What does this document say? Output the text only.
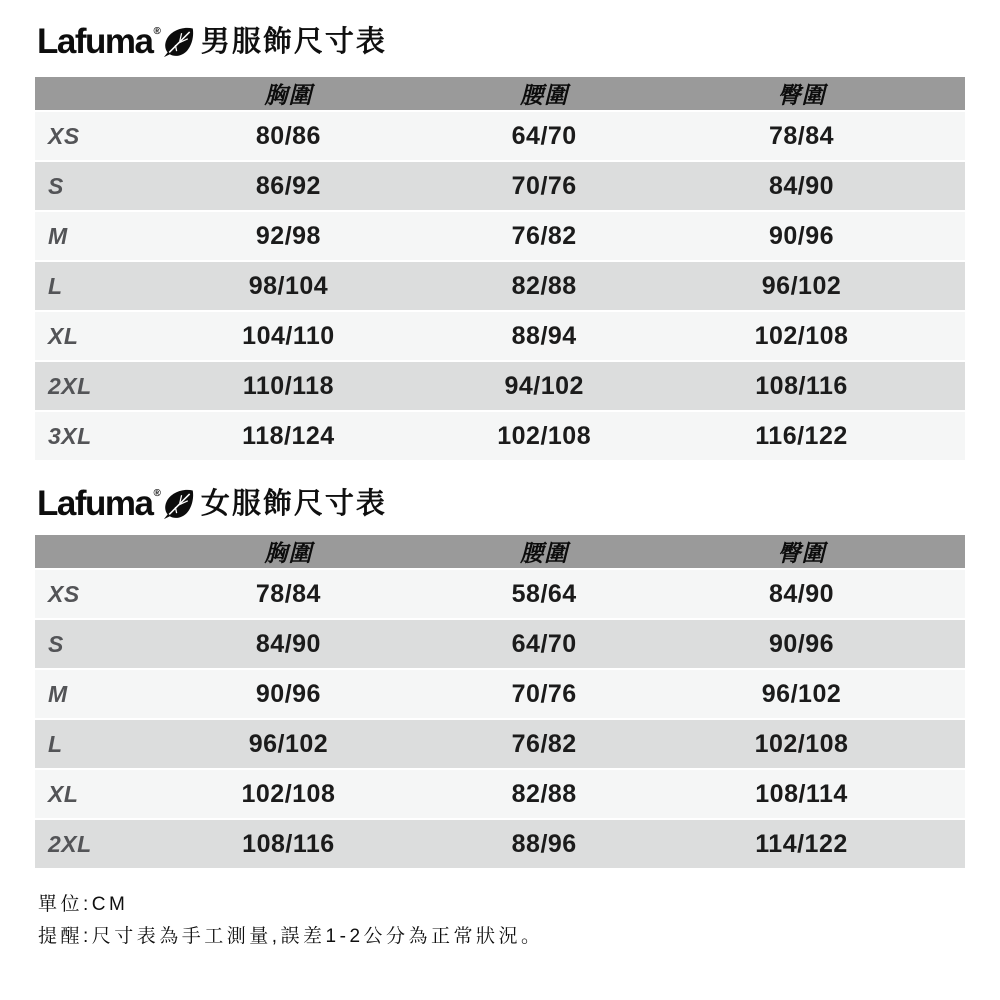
Lafuma ® 男服飾尺寸表
	胸圍	腰圍	臀圍
XS	80/86	64/70	78/84
S	86/92	70/76	84/90
M	92/98	76/82	90/96
L	98/104	82/88	96/102
XL	104/110	88/94	102/108
2XL	110/118	94/102	108/116
3XL	118/124	102/108	116/122
Lafuma ® 女服飾尺寸表
	胸圍	腰圍	臀圍
XS	78/84	58/64	84/90
S	84/90	64/70	90/96
M	90/96	70/76	96/102
L	96/102	76/82	102/108
XL	102/108	82/88	108/114
2XL	108/116	88/96	114/122
單位:CM
提醒:尺寸表為手工測量,誤差1-2公分為正常狀況。
